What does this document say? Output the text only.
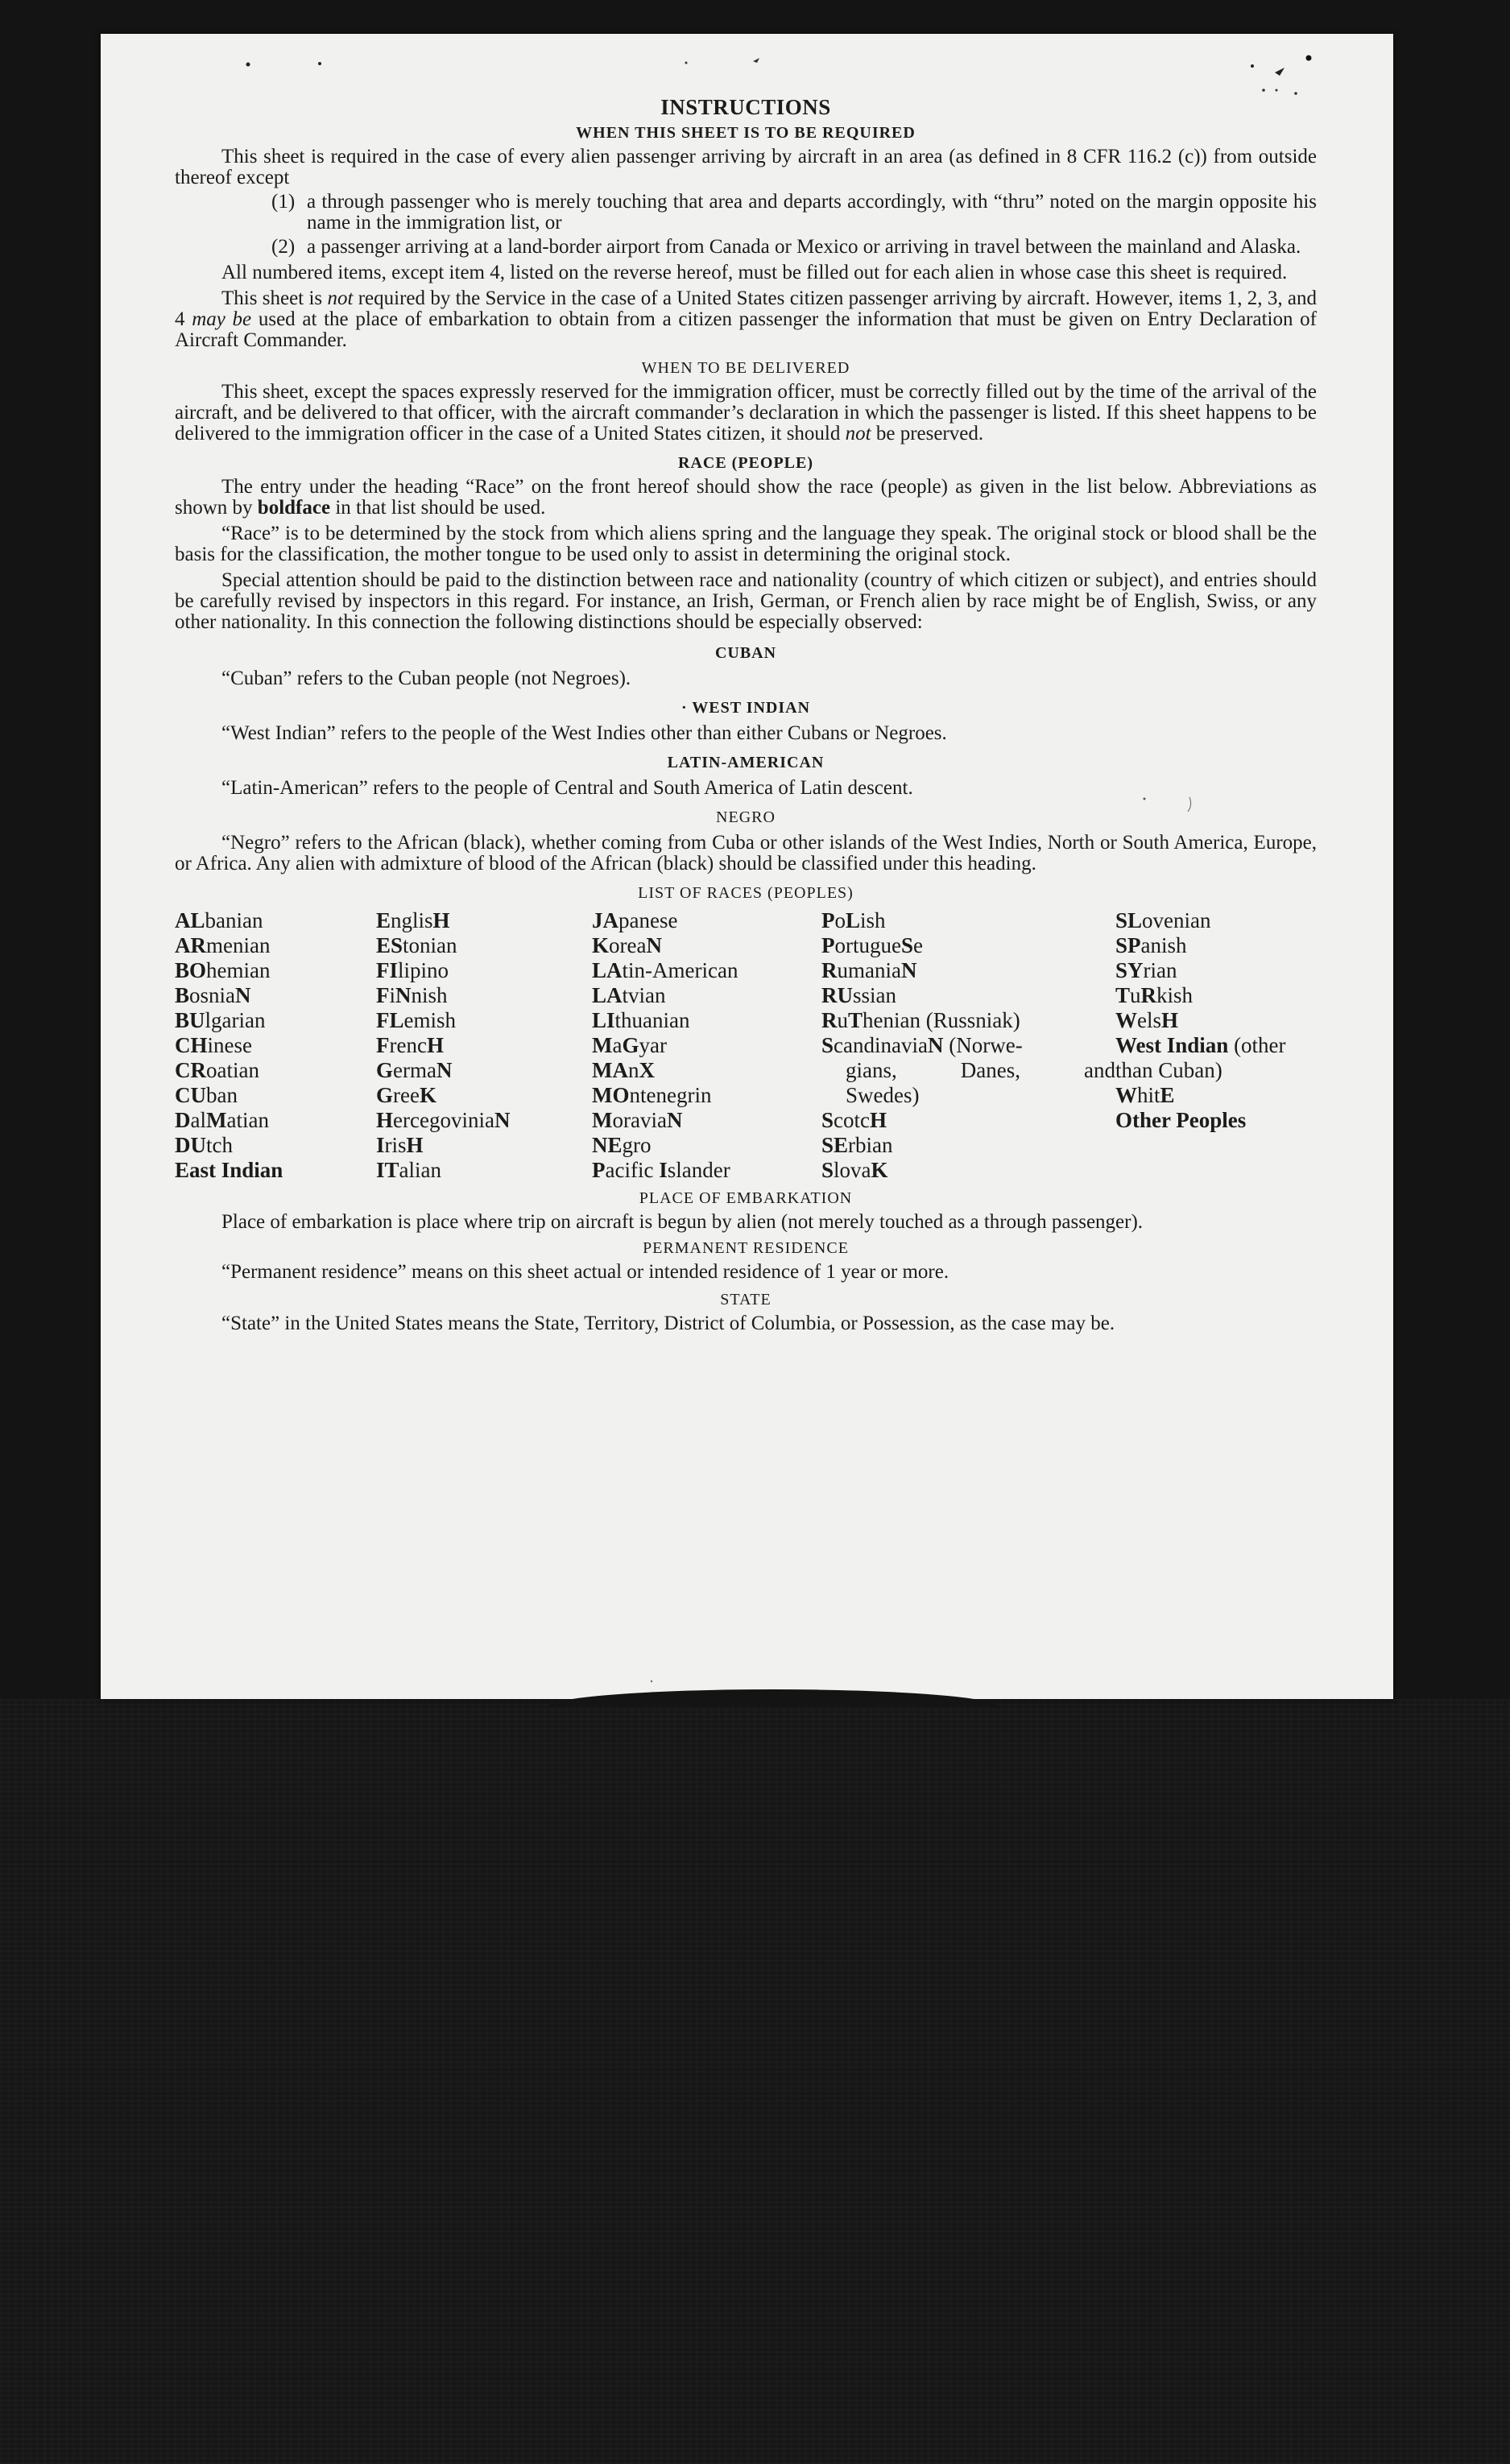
INSTRUCTIONS
WHEN THIS SHEET IS TO BE REQUIRED

This sheet is required in the case of every alien passenger arriving by aircraft in an area (as defined in 8 CFR 116.2 (c)) from outside thereof except

(1) a through passenger who is merely touching that area and departs accordingly, with “thru” noted on the margin opposite his name in the immigration list, or
(2) a passenger arriving at a land-border airport from Canada or Mexico or arriving in travel between the mainland and Alaska.

All numbered items, except item 4, listed on the reverse hereof, must be filled out for each alien in whose case this sheet is required.

This sheet is not required by the Service in the case of a United States citizen passenger arriving by aircraft. However, items 1, 2, 3, and 4 may be used at the place of embarkation to obtain from a citizen passenger the information that must be given on Entry Declaration of Aircraft Commander.

WHEN TO BE DELIVERED

This sheet, except the spaces expressly reserved for the immigration officer, must be correctly filled out by the time of the arrival of the aircraft, and be delivered to that officer, with the aircraft commander’s declaration in which the passenger is listed. If this sheet happens to be delivered to the immigration officer in the case of a United States citizen, it should not be preserved.

RACE (PEOPLE)

The entry under the heading “Race” on the front hereof should show the race (people) as given in the list below. Abbreviations as shown by boldface in that list should be used.

“Race” is to be determined by the stock from which aliens spring and the language they speak. The original stock or blood shall be the basis for the classification, the mother tongue to be used only to assist in determining the original stock.

Special attention should be paid to the distinction between race and nationality (country of which citizen or subject), and entries should be carefully revised by inspectors in this regard. For instance, an Irish, German, or French alien by race might be of English, Swiss, or any other nationality. In this connection the following distinctions should be especially observed:

CUBAN
“Cuban” refers to the Cuban people (not Negroes).
· WEST INDIAN
“West Indian” refers to the people of the West Indies other than either Cubans or Negroes.
LATIN-AMERICAN
“Latin-American” refers to the people of Central and South America of Latin descent.
NEGRO

“Negro” refers to the African (black), whether coming from Cuba or other islands of the West Indies, North or South America, Europe, or Africa. Any alien with admixture of blood of the African (black) should be classified under this heading.

LIST OF RACES (PEOPLES)
ALbanian
ARmenian
BOhemian
BosniaN
BUlgarian
CHinese
CRoatian
CUban
DalMatian
DUtch
East Indian
EnglisH
EStonian
FIlipino
FiNnish
FLemish
FrencH
GermaN
GreeK
HercegoviniaN
IrisH
ITalian
JApanese
KoreaN
LAtin-American
LAtvian
LIthuanian
MaGyar
MAnX
MOntenegrin
MoraviaN
NEgro
Pacific Islander
PoLish
PortugueSe
RumaniaN
RUssian
RuThenian (Russniak)
ScandinaviaN (Norwe-
gians, Danes, and
Swedes)
ScotcH
SErbian
SlovaK
SLovenian
SPanish
SYrian
TuRkish
WelsH
West Indian (other
than Cuban)
WhitE
Other Peoples
PLACE OF EMBARKATION

Place of embarkation is place where trip on aircraft is begun by alien (not merely touched as a through passenger).

PERMANENT RESIDENCE

“Permanent residence” means on this sheet actual or intended residence of 1 year or more.

STATE

“State” in the United States means the State, Territory, District of Columbia, or Possession, as the case may be.
